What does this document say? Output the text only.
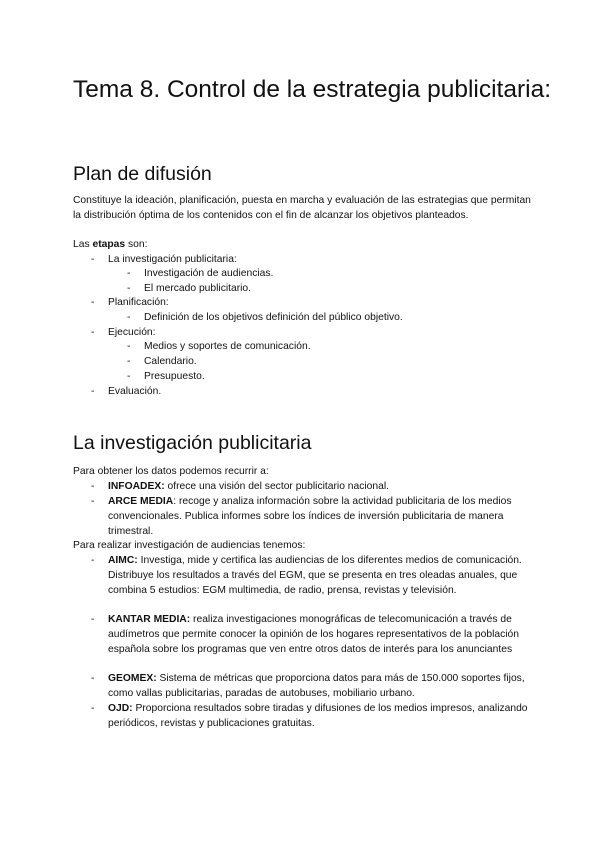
Tema 8. Control de la estrategia publicitaria:
Plan de difusión

Constituye la ideación, planificación, puesta en marcha y evaluación de las estrategias que permitan la distribución óptima de los contenidos con el fin de alcanzar los objetivos planteados.

Las etapas son:

- La investigación publicitaria:
- Investigación de audiencias.
- El mercado publicitario.
- Planificación:
- Definición de los objetivos definición del público objetivo.
- Ejecución:
- Medios y soportes de comunicación.
- Calendario.
- Presupuesto.
- Evaluación.
La investigación publicitaria

Para obtener los datos podemos recurrir a:

- INFOADEX: ofrece una visión del sector publicitario nacional.
- ARCE MEDIA: recoge y analiza información sobre la actividad publicitaria de los medios convencionales. Publica informes sobre los índices de inversión publicitaria de manera trimestral.

Para realizar investigación de audiencias tenemos:

- AIMC: Investiga, mide y certifica las audiencias de los diferentes medios de comunicación. Distribuye los resultados a través del EGM, que se presenta en tres oleadas anuales, que combina 5 estudios: EGM multimedia, de radio, prensa, revistas y televisión.
- KANTAR MEDIA: realiza investigaciones monográficas de telecomunicación a través de audímetros que permite conocer la opinión de los hogares representativos de la población española sobre los programas que ven entre otros datos de interés para los anunciantes
- GEOMEX: Sistema de métricas que proporciona datos para más de 150.000 soportes fijos, como vallas publicitarias, paradas de autobuses, mobiliario urbano.
- OJD: Proporciona resultados sobre tiradas y difusiones de los medios impresos, analizando periódicos, revistas y publicaciones gratuitas.
